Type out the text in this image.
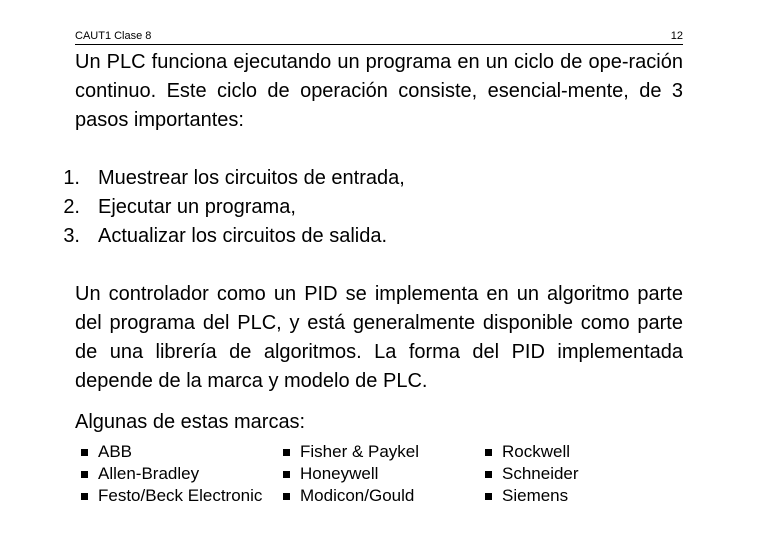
CAUT1 Clase 8	12

Un PLC funciona ejecutando un programa en un ciclo de ope-ración continuo. Este ciclo de operación consiste, esencial-mente, de 3 pasos importantes:

1. Muestrear los circuitos de entrada,
2. Ejecutar un programa,
3. Actualizar los circuitos de salida.

Un controlador como un PID se implementa en un algoritmo parte del programa del PLC, y está generalmente disponible como parte de una librería de algoritmos. La forma del PID implementada depende de la marca y modelo de PLC.

Algunas de estas marcas:

ABB
Allen-Bradley
Festo/Beck Electronic
Fisher & Paykel
Honeywell
Modicon/Gould
Rockwell
Schneider
Siemens
